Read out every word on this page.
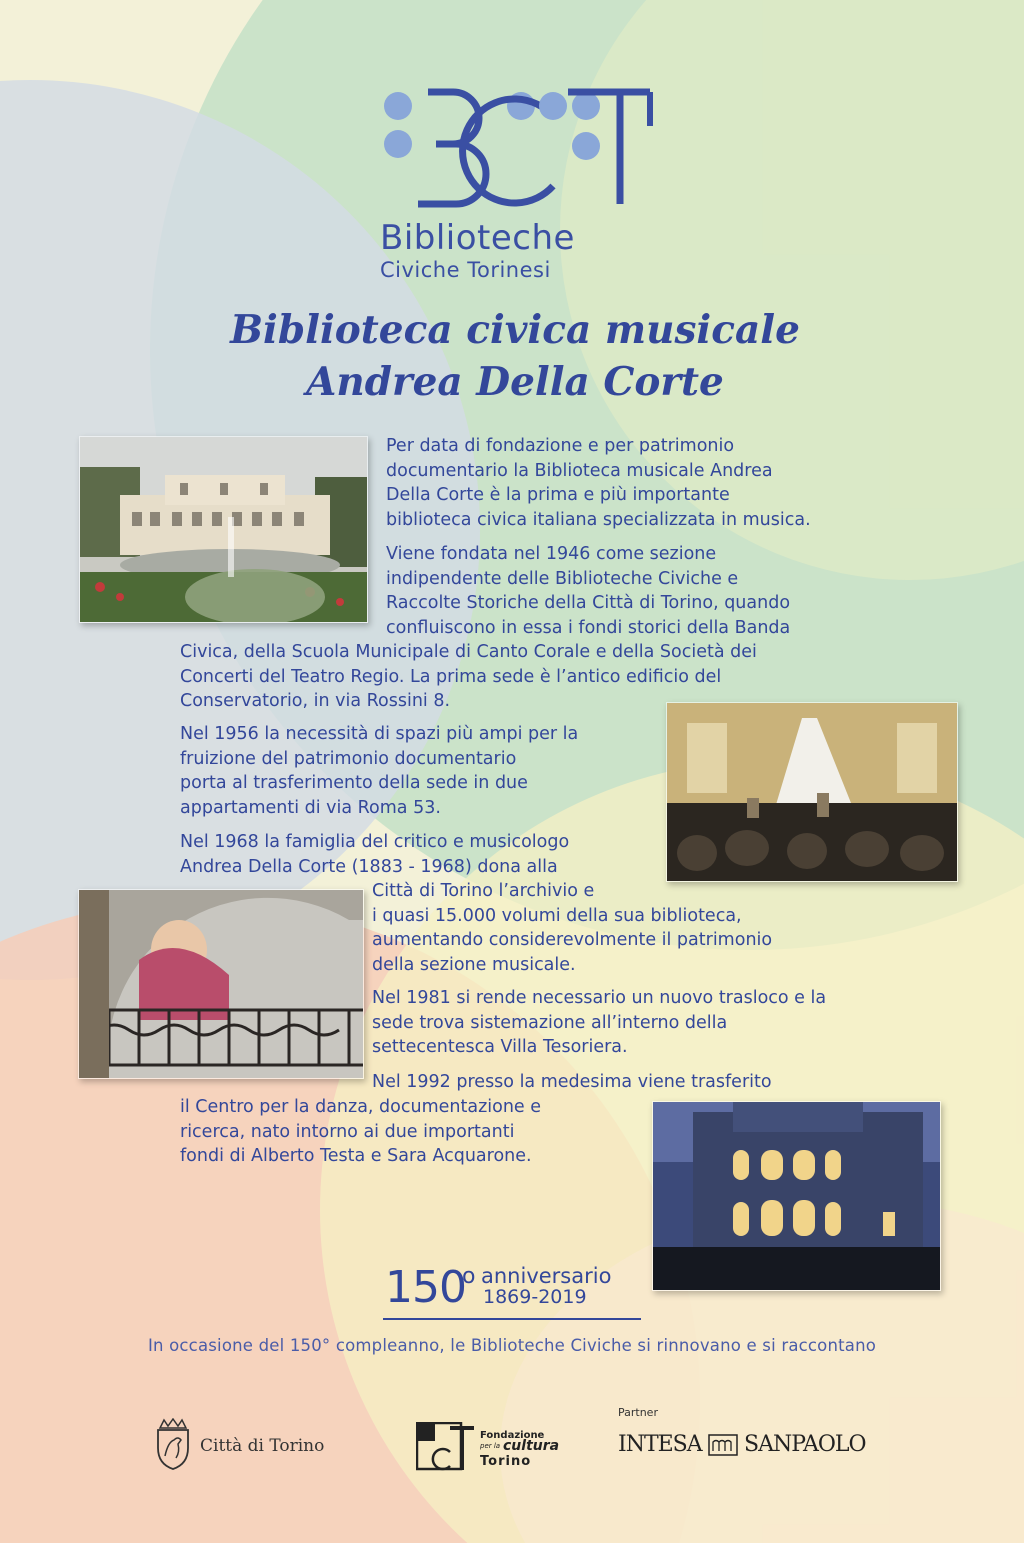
Biblioteche
Civiche Torinesi
Biblioteca civica musicale
Andrea Della Corte
Per data di fondazione e per patrimonio
documentario la Biblioteca musicale Andrea
Della Corte è la prima e più importante
biblioteca civica italiana specializzata in musica.
Viene fondata nel 1946 come sezione
indipendente delle Biblioteche Civiche e
Raccolte Storiche della Città di Torino, quando
confluiscono in essa i fondi storici della Banda
Civica, della Scuola Municipale di Canto Corale e della Società dei
Concerti del Teatro Regio. La prima sede è l’antico edificio del
Conservatorio, in via Rossini 8.
Nel 1956 la necessità di spazi più ampi per la
fruizione del patrimonio documentario
porta al trasferimento della sede in due
appartamenti di via Roma 53.
Nel 1968 la famiglia del critico e musicologo
Andrea Della Corte (1883 - 1968) dona alla
Città di Torino l’archivio e
i quasi 15.000 volumi della sua biblioteca,
aumentando considerevolmente il patrimonio
della sezione musicale.
Nel 1981 si rende necessario un nuovo trasloco e la
sede trova sistemazione all’interno della
settecentesca Villa Tesoriera.
Nel 1992 presso la medesima viene trasferito
il Centro per la danza, documentazione e
ricerca, nato intorno ai due importanti
fondi di Alberto Testa e Sara Acquarone.
150
o anniversario
1869-2019
In occasione del 150° compleanno, le Biblioteche Civiche si rinnovano e si raccontano
Città di Torino
Fondazione
per la cultura
Torino
Partner
INTESA SANPAOLO
